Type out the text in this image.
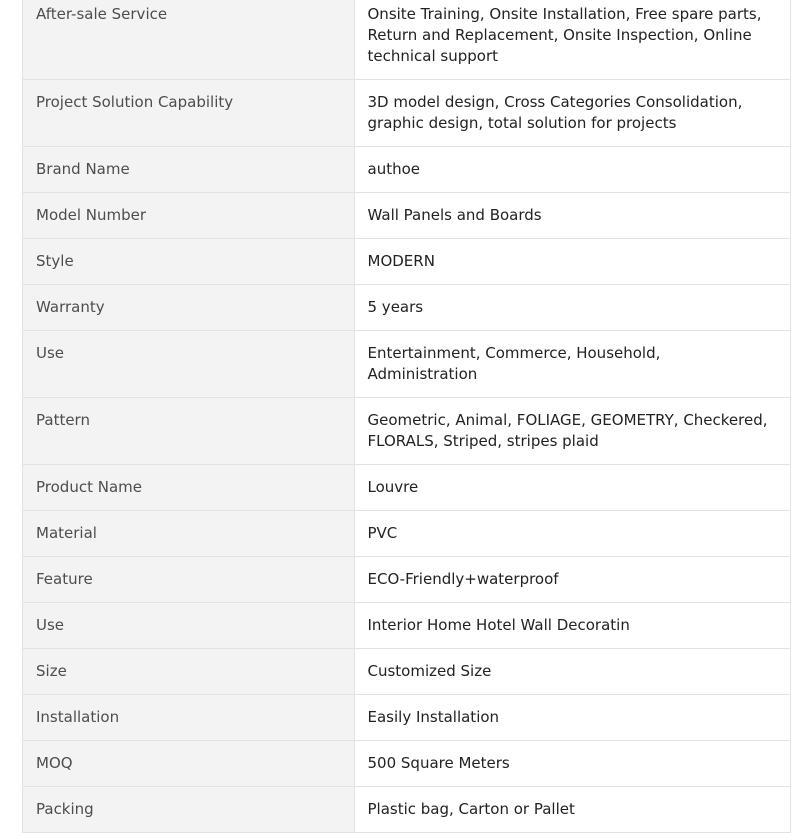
After-sale Service	Onsite Training, Onsite Installation, Free spare parts, Return and Replacement, Onsite Inspection, Online technical support
Project Solution Capability	3D model design, Cross Categories Consolidation, graphic design, total solution for projects
Brand Name	authoe
Model Number	Wall Panels and Boards
Style	MODERN
Warranty	5 years
Use	Entertainment, Commerce, Household, Administration
Pattern	Geometric, Animal, FOLIAGE, GEOMETRY, Checkered, FLORALS, Striped, stripes plaid
Product Name	Louvre
Material	PVC
Feature	ECO-Friendly+waterproof
Use	Interior Home Hotel Wall Decoratin
Size	Customized Size
Installation	Easily Installation
MOQ	500 Square Meters
Packing	Plastic bag, Carton or Pallet
